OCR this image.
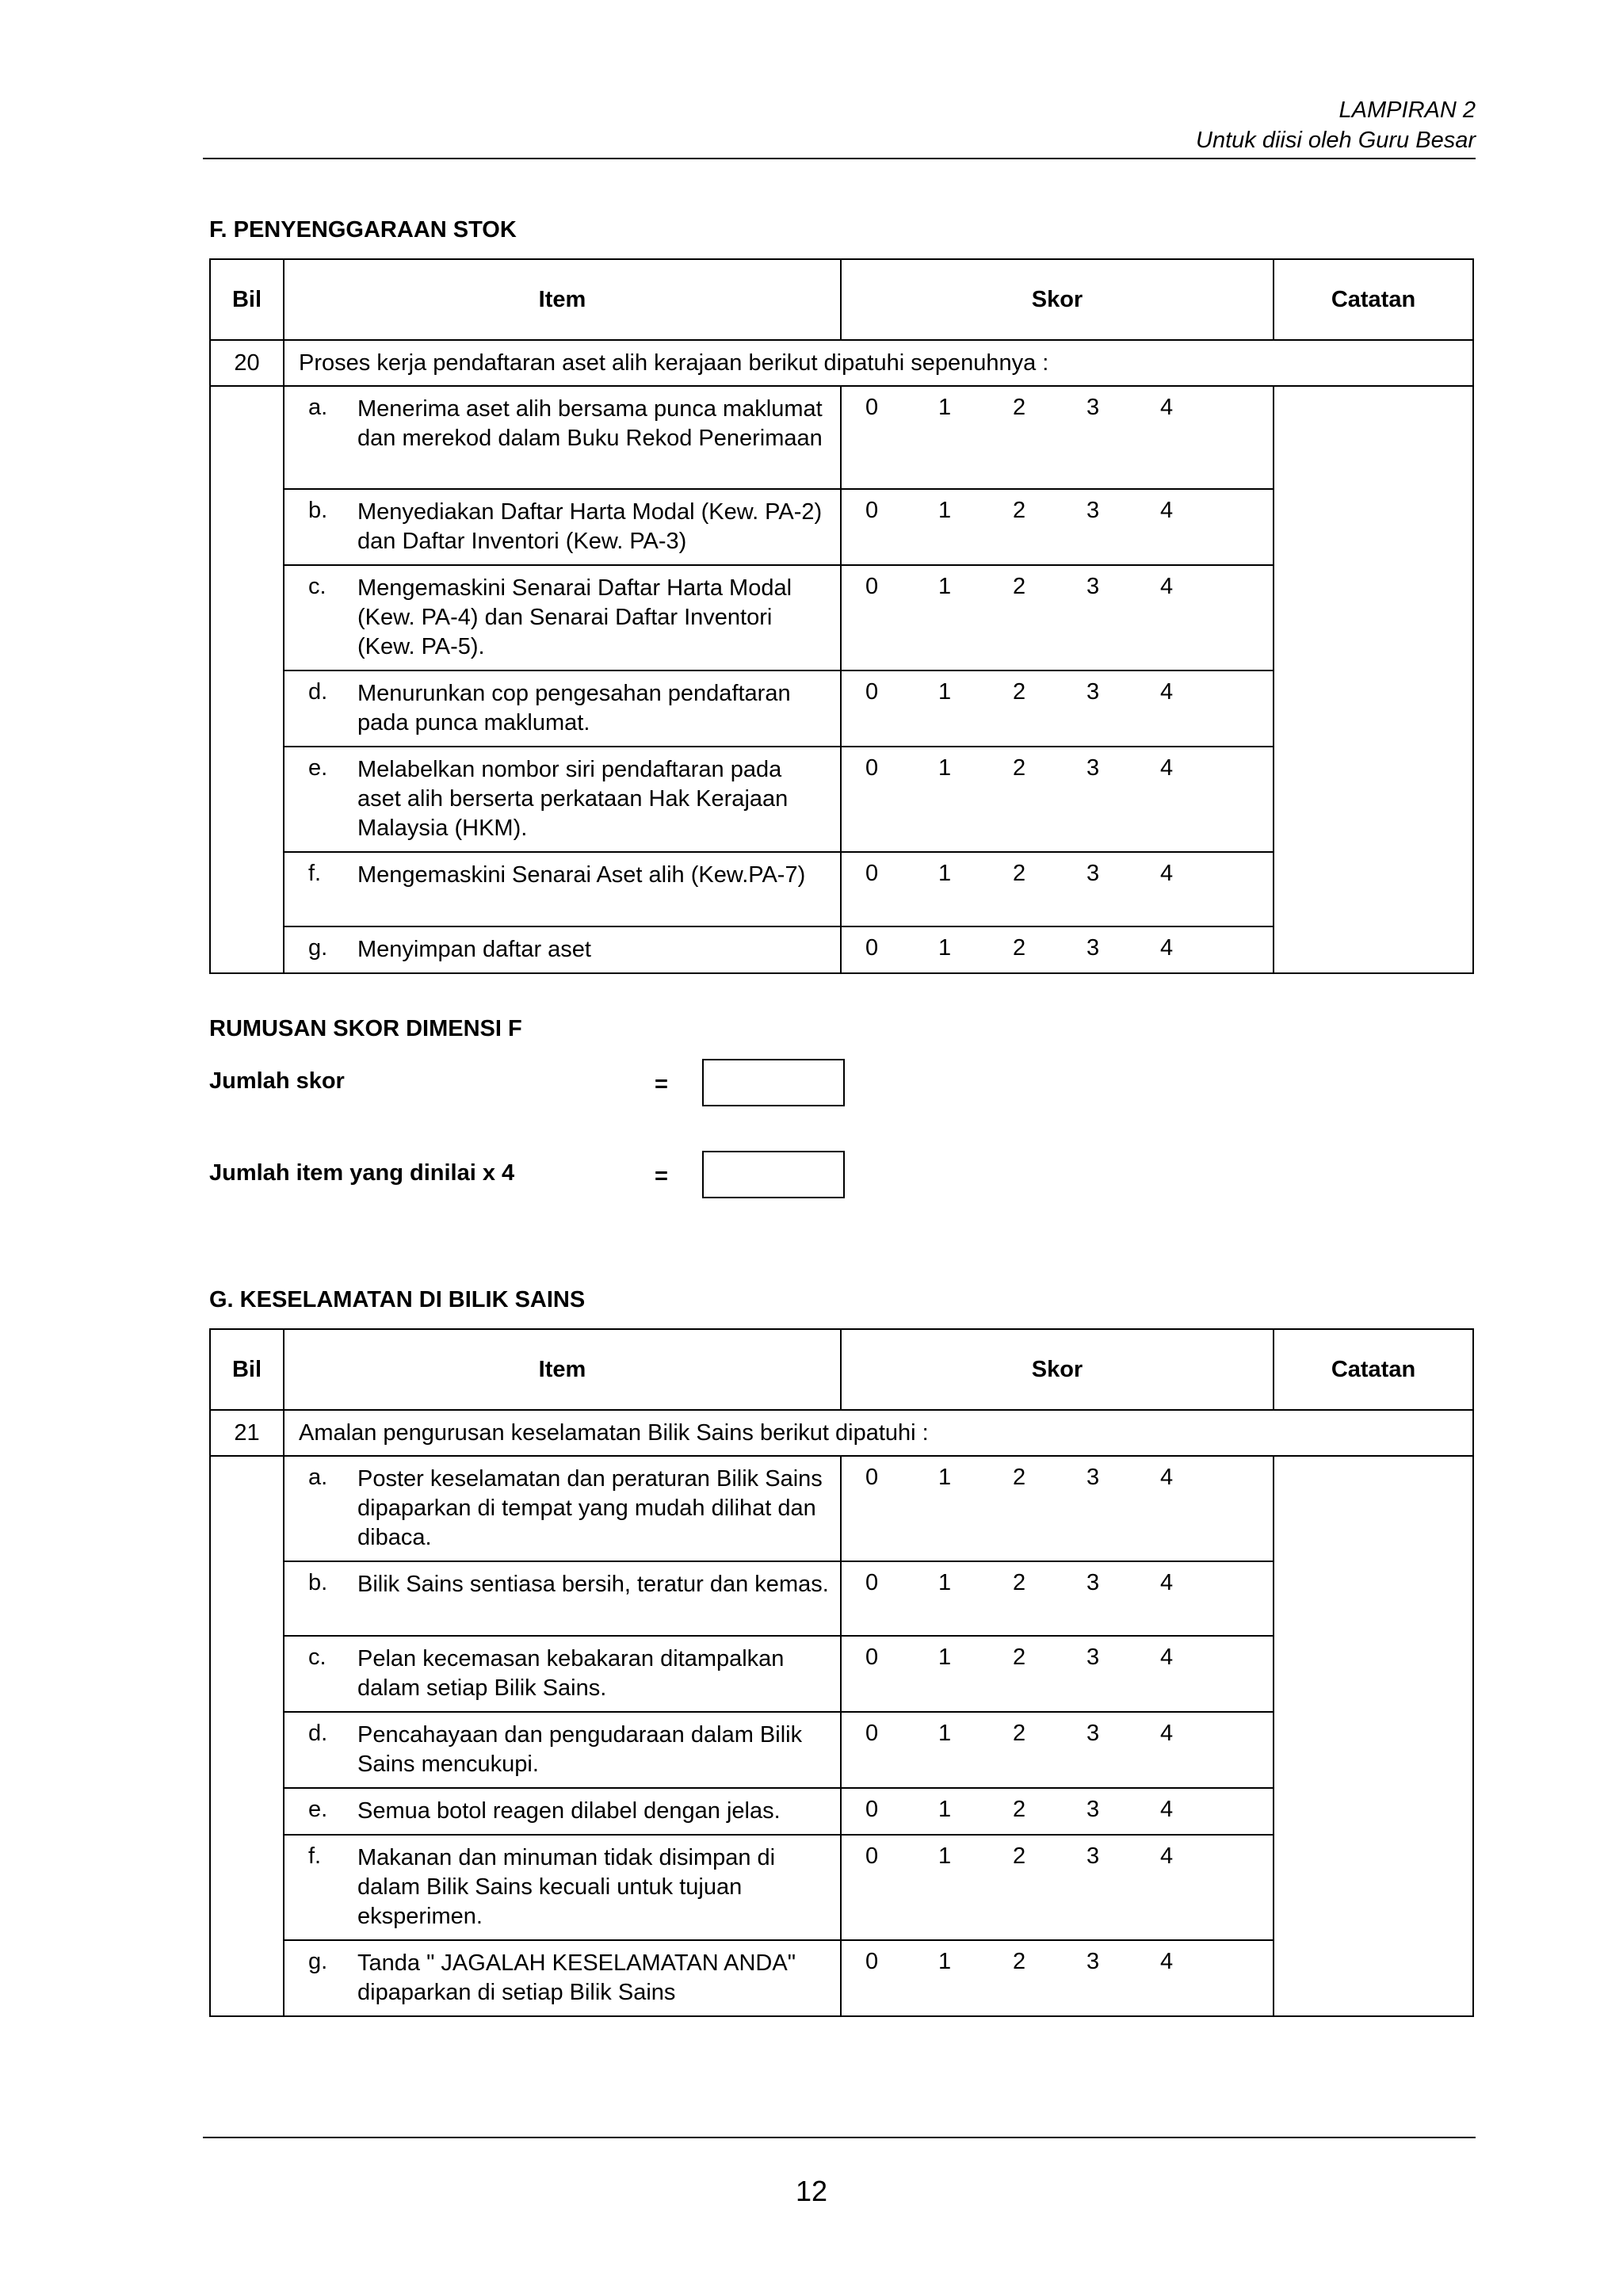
LAMPIRAN 2
Untuk diisi oleh Guru Besar
F. PENYENGGARAAN STOK
Bil	Item	Skor	Catatan
20	Proses kerja pendaftaran aset alih kerajaan berikut dipatuhi sepenuhnya :		

	a. Menerima aset alih bersama punca maklumat dan merekod dalam Buku Rekod Penerimaan	0 1 2 3 4	

	b. Menyediakan Daftar Harta Modal (Kew. PA-2) dan Daftar Inventori (Kew. PA-3)	0 1 2 3 4	

	c. Mengemaskini Senarai Daftar Harta Modal (Kew. PA-4) dan Senarai Daftar Inventori (Kew. PA-5).	0 1 2 3 4	

	d. Menurunkan cop pengesahan pendaftaran pada punca maklumat.	0 1 2 3 4	

	e. Melabelkan nombor siri pendaftaran pada aset alih berserta perkataan Hak Kerajaan Malaysia (HKM).	0 1 2 3 4	

	f. Mengemaskini Senarai Aset alih (Kew.PA-7)	0 1 2 3 4	

	g. Menyimpan daftar aset	0 1 2 3 4	
RUMUSAN SKOR DIMENSI F
Jumlah skor	=
Jumlah item yang dinilai x 4	=
G. KESELAMATAN DI BILIK SAINS
Bil	Item	Skor	Catatan
21	Amalan pengurusan keselamatan Bilik Sains berikut dipatuhi :		

	a. Poster keselamatan dan peraturan Bilik Sains dipaparkan di tempat yang mudah dilihat dan dibaca.	0 1 2 3 4	

	b. Bilik Sains sentiasa bersih, teratur dan kemas.	0 1 2 3 4	

	c. Pelan kecemasan kebakaran ditampalkan dalam setiap Bilik Sains.	0 1 2 3 4	

	d. Pencahayaan dan pengudaraan dalam Bilik Sains mencukupi.	0 1 2 3 4	

	e. Semua botol reagen dilabel dengan jelas.	0 1 2 3 4	

	f. Makanan dan minuman tidak disimpan di dalam Bilik Sains kecuali untuk tujuan eksperimen.	0 1 2 3 4	

	g. Tanda " JAGALAH KESELAMATAN ANDA" dipaparkan di setiap Bilik Sains	0 1 2 3 4	
12
